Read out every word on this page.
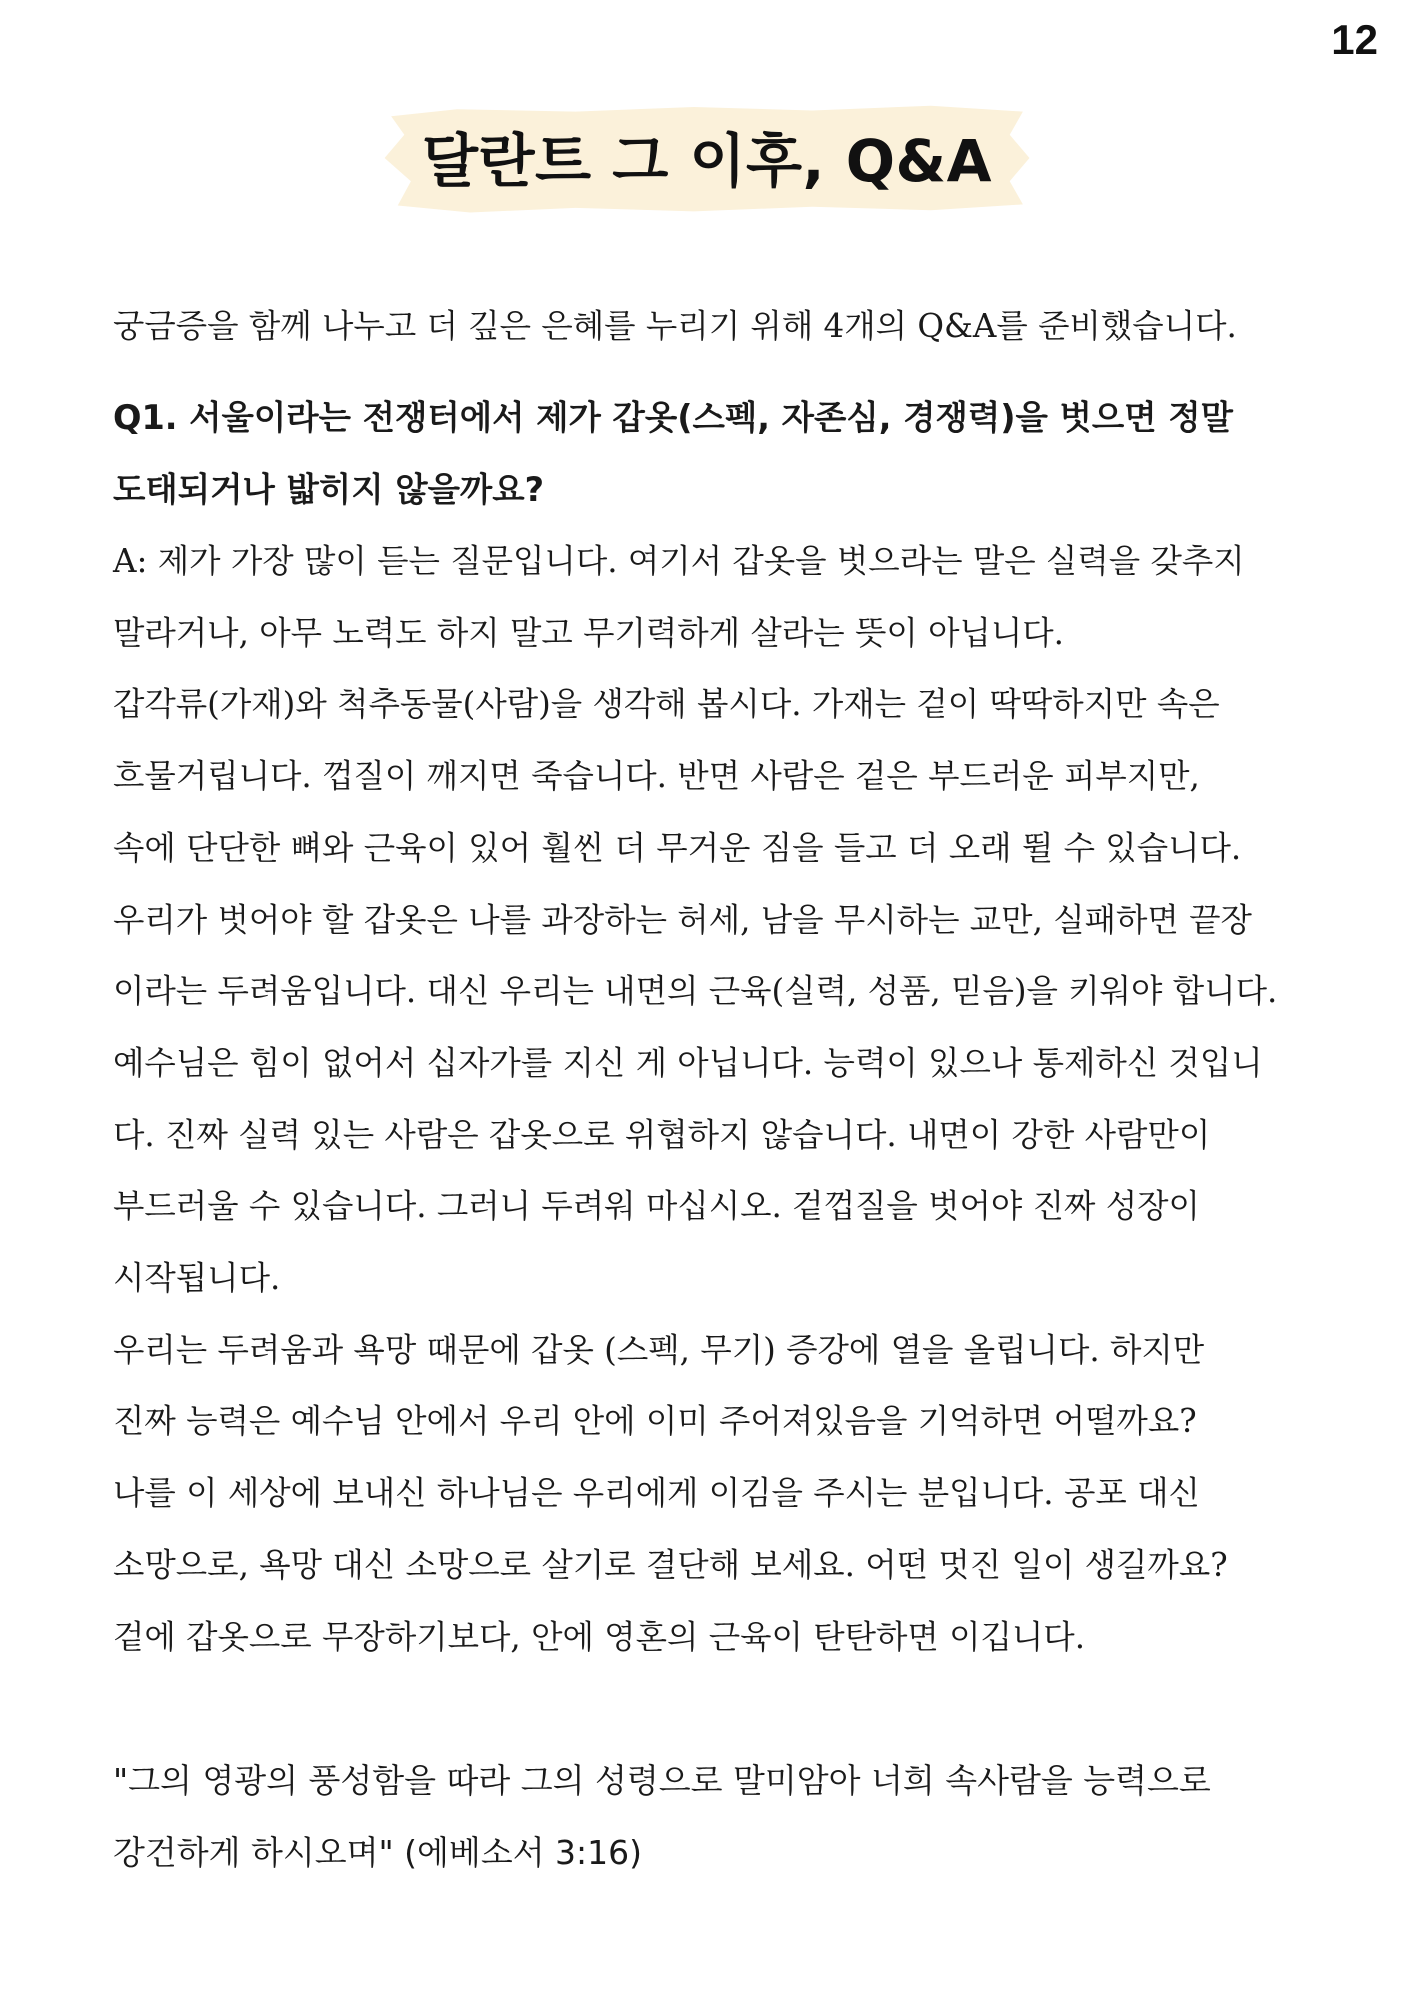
12
달란트 그 이후, Q&A

궁금증을 함께 나누고 더 깊은 은혜를 누리기 위해 4개의 Q&A를 준비했습니다.

Q1. 서울이라는 전쟁터에서 제가 갑옷(스펙, 자존심, 경쟁력)을 벗으면 정말
도태되거나 밟히지 않을까요?
A: 제가 가장 많이 듣는 질문입니다. 여기서 갑옷을 벗으라는 말은 실력을 갖추지
말라거나, 아무 노력도 하지 말고 무기력하게 살라는 뜻이 아닙니다.
갑각류(가재)와 척추동물(사람)을 생각해 봅시다. 가재는 겉이 딱딱하지만 속은
흐물거립니다. 껍질이 깨지면 죽습니다. 반면 사람은 겉은 부드러운 피부지만,
속에 단단한 뼈와 근육이 있어 훨씬 더 무거운 짐을 들고 더 오래 뛸 수 있습니다.
우리가 벗어야 할 갑옷은 나를 과장하는 허세, 남을 무시하는 교만, 실패하면 끝장
이라는 두려움입니다. 대신 우리는 내면의 근육(실력, 성품, 믿음)을 키워야 합니다.
예수님은 힘이 없어서 십자가를 지신 게 아닙니다. 능력이 있으나 통제하신 것입니
다. 진짜 실력 있는 사람은 갑옷으로 위협하지 않습니다. 내면이 강한 사람만이
부드러울 수 있습니다. 그러니 두려워 마십시오. 겉껍질을 벗어야 진짜 성장이
시작됩니다.
우리는 두려움과 욕망 때문에 갑옷 (스펙, 무기) 증강에 열을 올립니다. 하지만
진짜 능력은 예수님 안에서 우리 안에 이미 주어져있음을 기억하면 어떨까요?
나를 이 세상에 보내신 하나님은 우리에게 이김을 주시는 분입니다. 공포 대신
소망으로, 욕망 대신 소망으로 살기로 결단해 보세요. 어떤 멋진 일이 생길까요?
겉에 갑옷으로 무장하기보다, 안에 영혼의 근육이 탄탄하면 이깁니다.
"그의 영광의 풍성함을 따라 그의 성령으로 말미암아 너희 속사람을 능력으로
강건하게 하시오며" (에베소서 3:16)
